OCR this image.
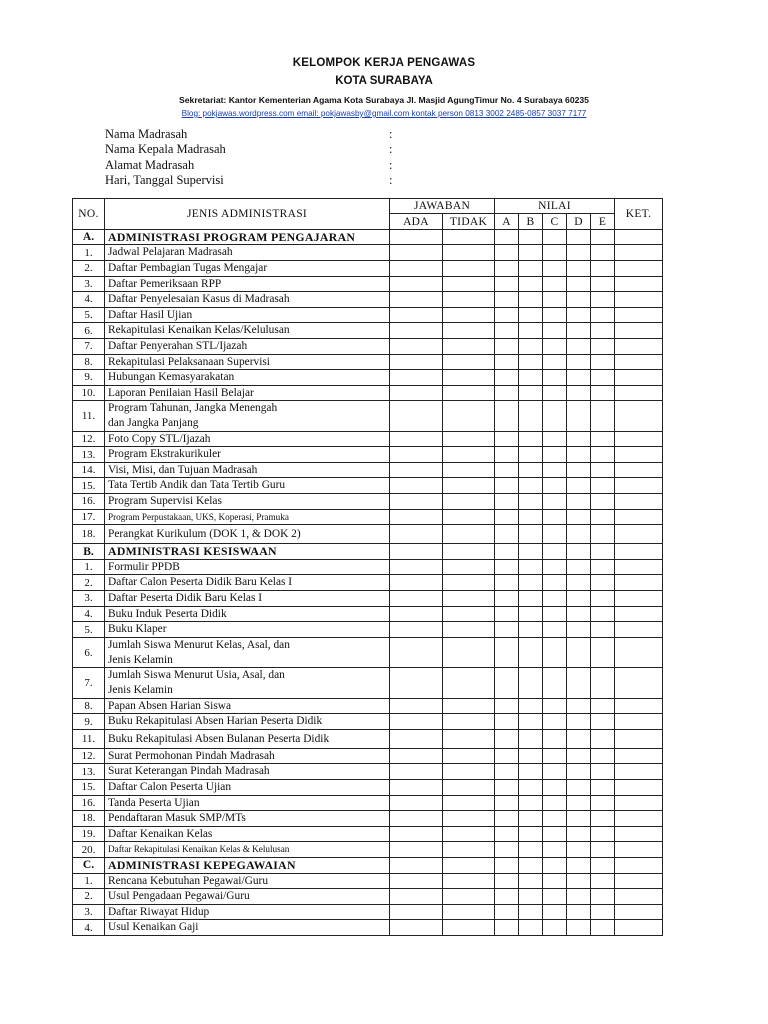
KELOMPOK KERJA PENGAWAS
KOTA SURABAYA
Sekretariat: Kantor Kementerian Agama Kota Surabaya Jl. Masjid AgungTimur No. 4 Surabaya 60235
Blog: pokjawas.wordpress.com email: pokjawasby@gmail.com kontak person 0813 3002 2485-0857 3037 7177
Nama Madrasah	:
Nama Kepala Madrasah	:
Alamat Madrasah	:
Hari, Tanggal Supervisi	:
NO.	JENIS ADMINISTRASI	JAWABAN		NILAI					KET.
		ADA	TIDAK	A	B	C	D	E	
A.	ADMINISTRASI PROGRAM PENGAJARAN								
1.	Jadwal Pelajaran Madrasah								
2.	Daftar Pembagian Tugas Mengajar								
3.	Daftar Pemeriksaan RPP								
4.	Daftar Penyelesaian Kasus di Madrasah								
5.	Daftar Hasil Ujian								
6.	Rekapitulasi Kenaikan Kelas/Kelulusan								
7.	Daftar Penyerahan STL/Ijazah								
8.	Rekapitulasi Pelaksanaan Supervisi								
9.	Hubungan Kemasyarakatan								
10.	Laporan Penilaian Hasil Belajar								
11.	Program Tahunan, Jangka Menengah
dan Jangka Panjang								
12.	Foto Copy STL/Ijazah								
13.	Program Ekstrakurikuler								
14.	Visi, Misi, dan Tujuan Madrasah								
15.	Tata Tertib Andik dan Tata Tertib Guru								
16.	Program Supervisi Kelas								
17.	Program Perpustakaan, UKS, Koperasi, Pramuka								
18.	Perangkat Kurikulum (DOK 1, & DOK 2)								
B.	ADMINISTRASI KESISWAAN								
1.	Formulir PPDB								
2.	Daftar Calon Peserta Didik Baru Kelas I								
3.	Daftar Peserta Didik Baru Kelas I								
4.	Buku Induk Peserta Didik								
5.	Buku Klaper								
6.	Jumlah Siswa Menurut Kelas, Asal, dan
Jenis Kelamin								
7.	Jumlah Siswa Menurut Usia, Asal, dan
Jenis Kelamin								
8.	Papan Absen Harian Siswa								
9.	Buku Rekapitulasi Absen Harian Peserta Didik								
11.	Buku Rekapitulasi Absen Bulanan Peserta Didik								
12.	Surat Permohonan Pindah Madrasah								
13.	Surat Keterangan Pindah Madrasah								
15.	Daftar Calon Peserta Ujian								
16.	Tanda Peserta Ujian								
18.	Pendaftaran Masuk SMP/MTs								
19.	Daftar Kenaikan Kelas								
20.	Daftar Rekapitulasi Kenaikan Kelas & Kelulusan								
C.	ADMINISTRASI KEPEGAWAIAN								
1.	Rencana Kebutuhan Pegawai/Guru								
2.	Usul Pengadaan Pegawai/Guru								
3.	Daftar Riwayat Hidup								
4.	Usul Kenaikan Gaji								
